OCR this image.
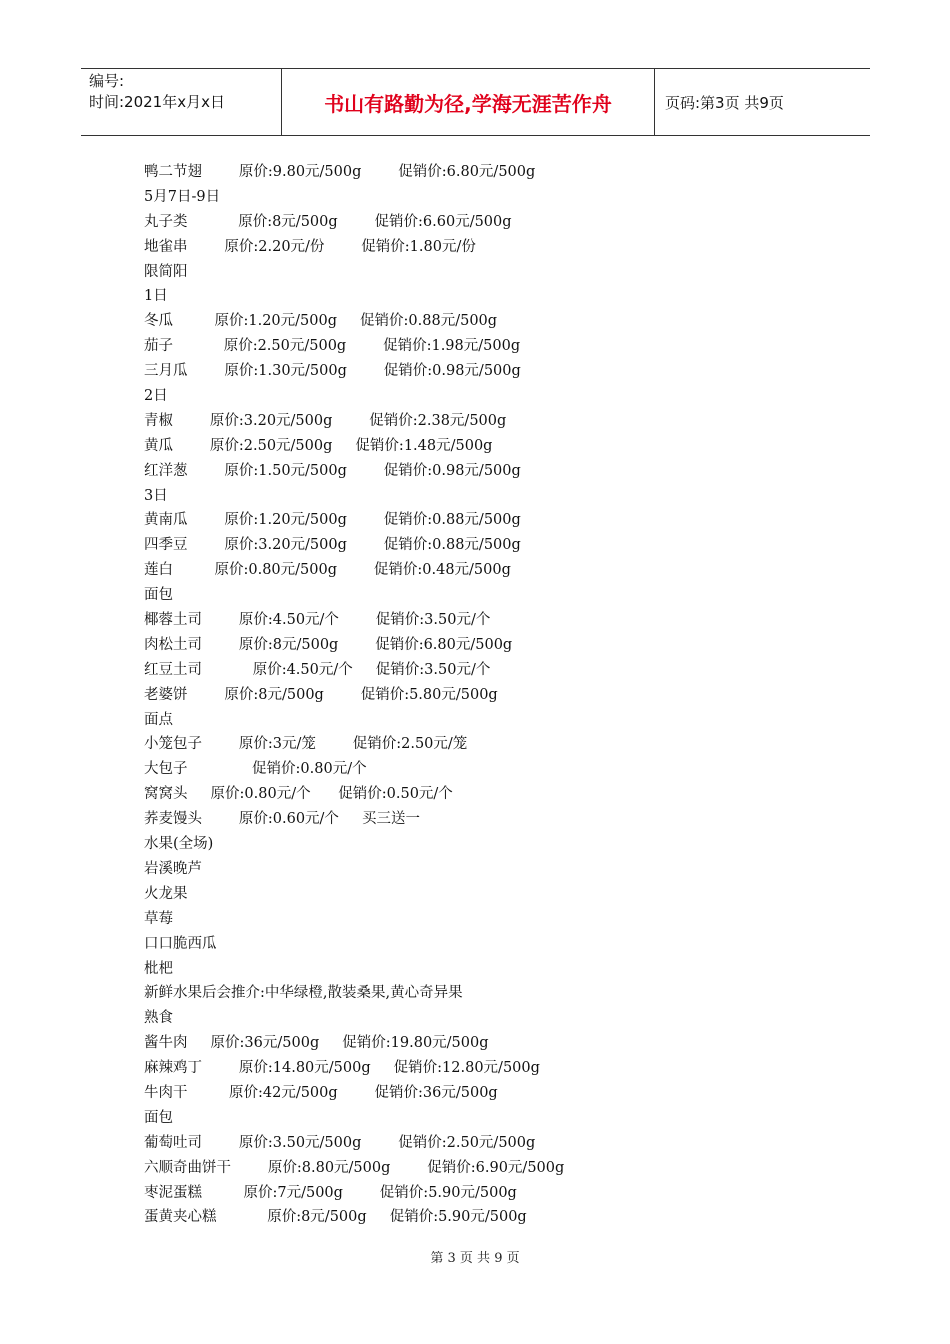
编号:
时间:2021年x月x日	书山有路勤为径,学海无涯苦作舟	页码:第3页 共9页
鸭二节翅        原价:9.80元/500g        促销价:6.80元/500g
5月7日-9日
丸子类           原价:8元/500g        促销价:6.60元/500g
地雀串        原价:2.20元/份        促销价:1.80元/份
限简阳
1日
冬瓜         原价:1.20元/500g     促销价:0.88元/500g
茄子           原价:2.50元/500g        促销价:1.98元/500g
三月瓜        原价:1.30元/500g        促销价:0.98元/500g
2日
青椒        原价:3.20元/500g        促销价:2.38元/500g
黄瓜        原价:2.50元/500g     促销价:1.48元/500g
红洋葱        原价:1.50元/500g        促销价:0.98元/500g
3日
黄南瓜        原价:1.20元/500g        促销价:0.88元/500g
四季豆        原价:3.20元/500g        促销价:0.88元/500g
莲白         原价:0.80元/500g        促销价:0.48元/500g
面包
椰蓉土司        原价:4.50元/个        促销价:3.50元/个
肉松土司        原价:8元/500g        促销价:6.80元/500g
红豆土司           原价:4.50元/个     促销价:3.50元/个
老婆饼        原价:8元/500g        促销价:5.80元/500g
面点
小笼包子        原价:3元/笼        促销价:2.50元/笼
大包子              促销价:0.80元/个
窝窝头     原价:0.80元/个      促销价:0.50元/个
荞麦馒头        原价:0.60元/个     买三送一
水果(全场)
岩溪晚芦
火龙果
草莓
口口脆西瓜
枇杷
新鲜水果后会推介:中华绿橙,散装桑果,黄心奇异果
熟食
酱牛肉     原价:36元/500g     促销价:19.80元/500g
麻辣鸡丁        原价:14.80元/500g     促销价:12.80元/500g
牛肉干         原价:42元/500g        促销价:36元/500g
面包
葡萄吐司        原价:3.50元/500g        促销价:2.50元/500g
六顺奇曲饼干        原价:8.80元/500g        促销价:6.90元/500g
枣泥蛋糕         原价:7元/500g        促销价:5.90元/500g
蛋黄夹心糕           原价:8元/500g     促销价:5.90元/500g
第 3 页 共 9 页
